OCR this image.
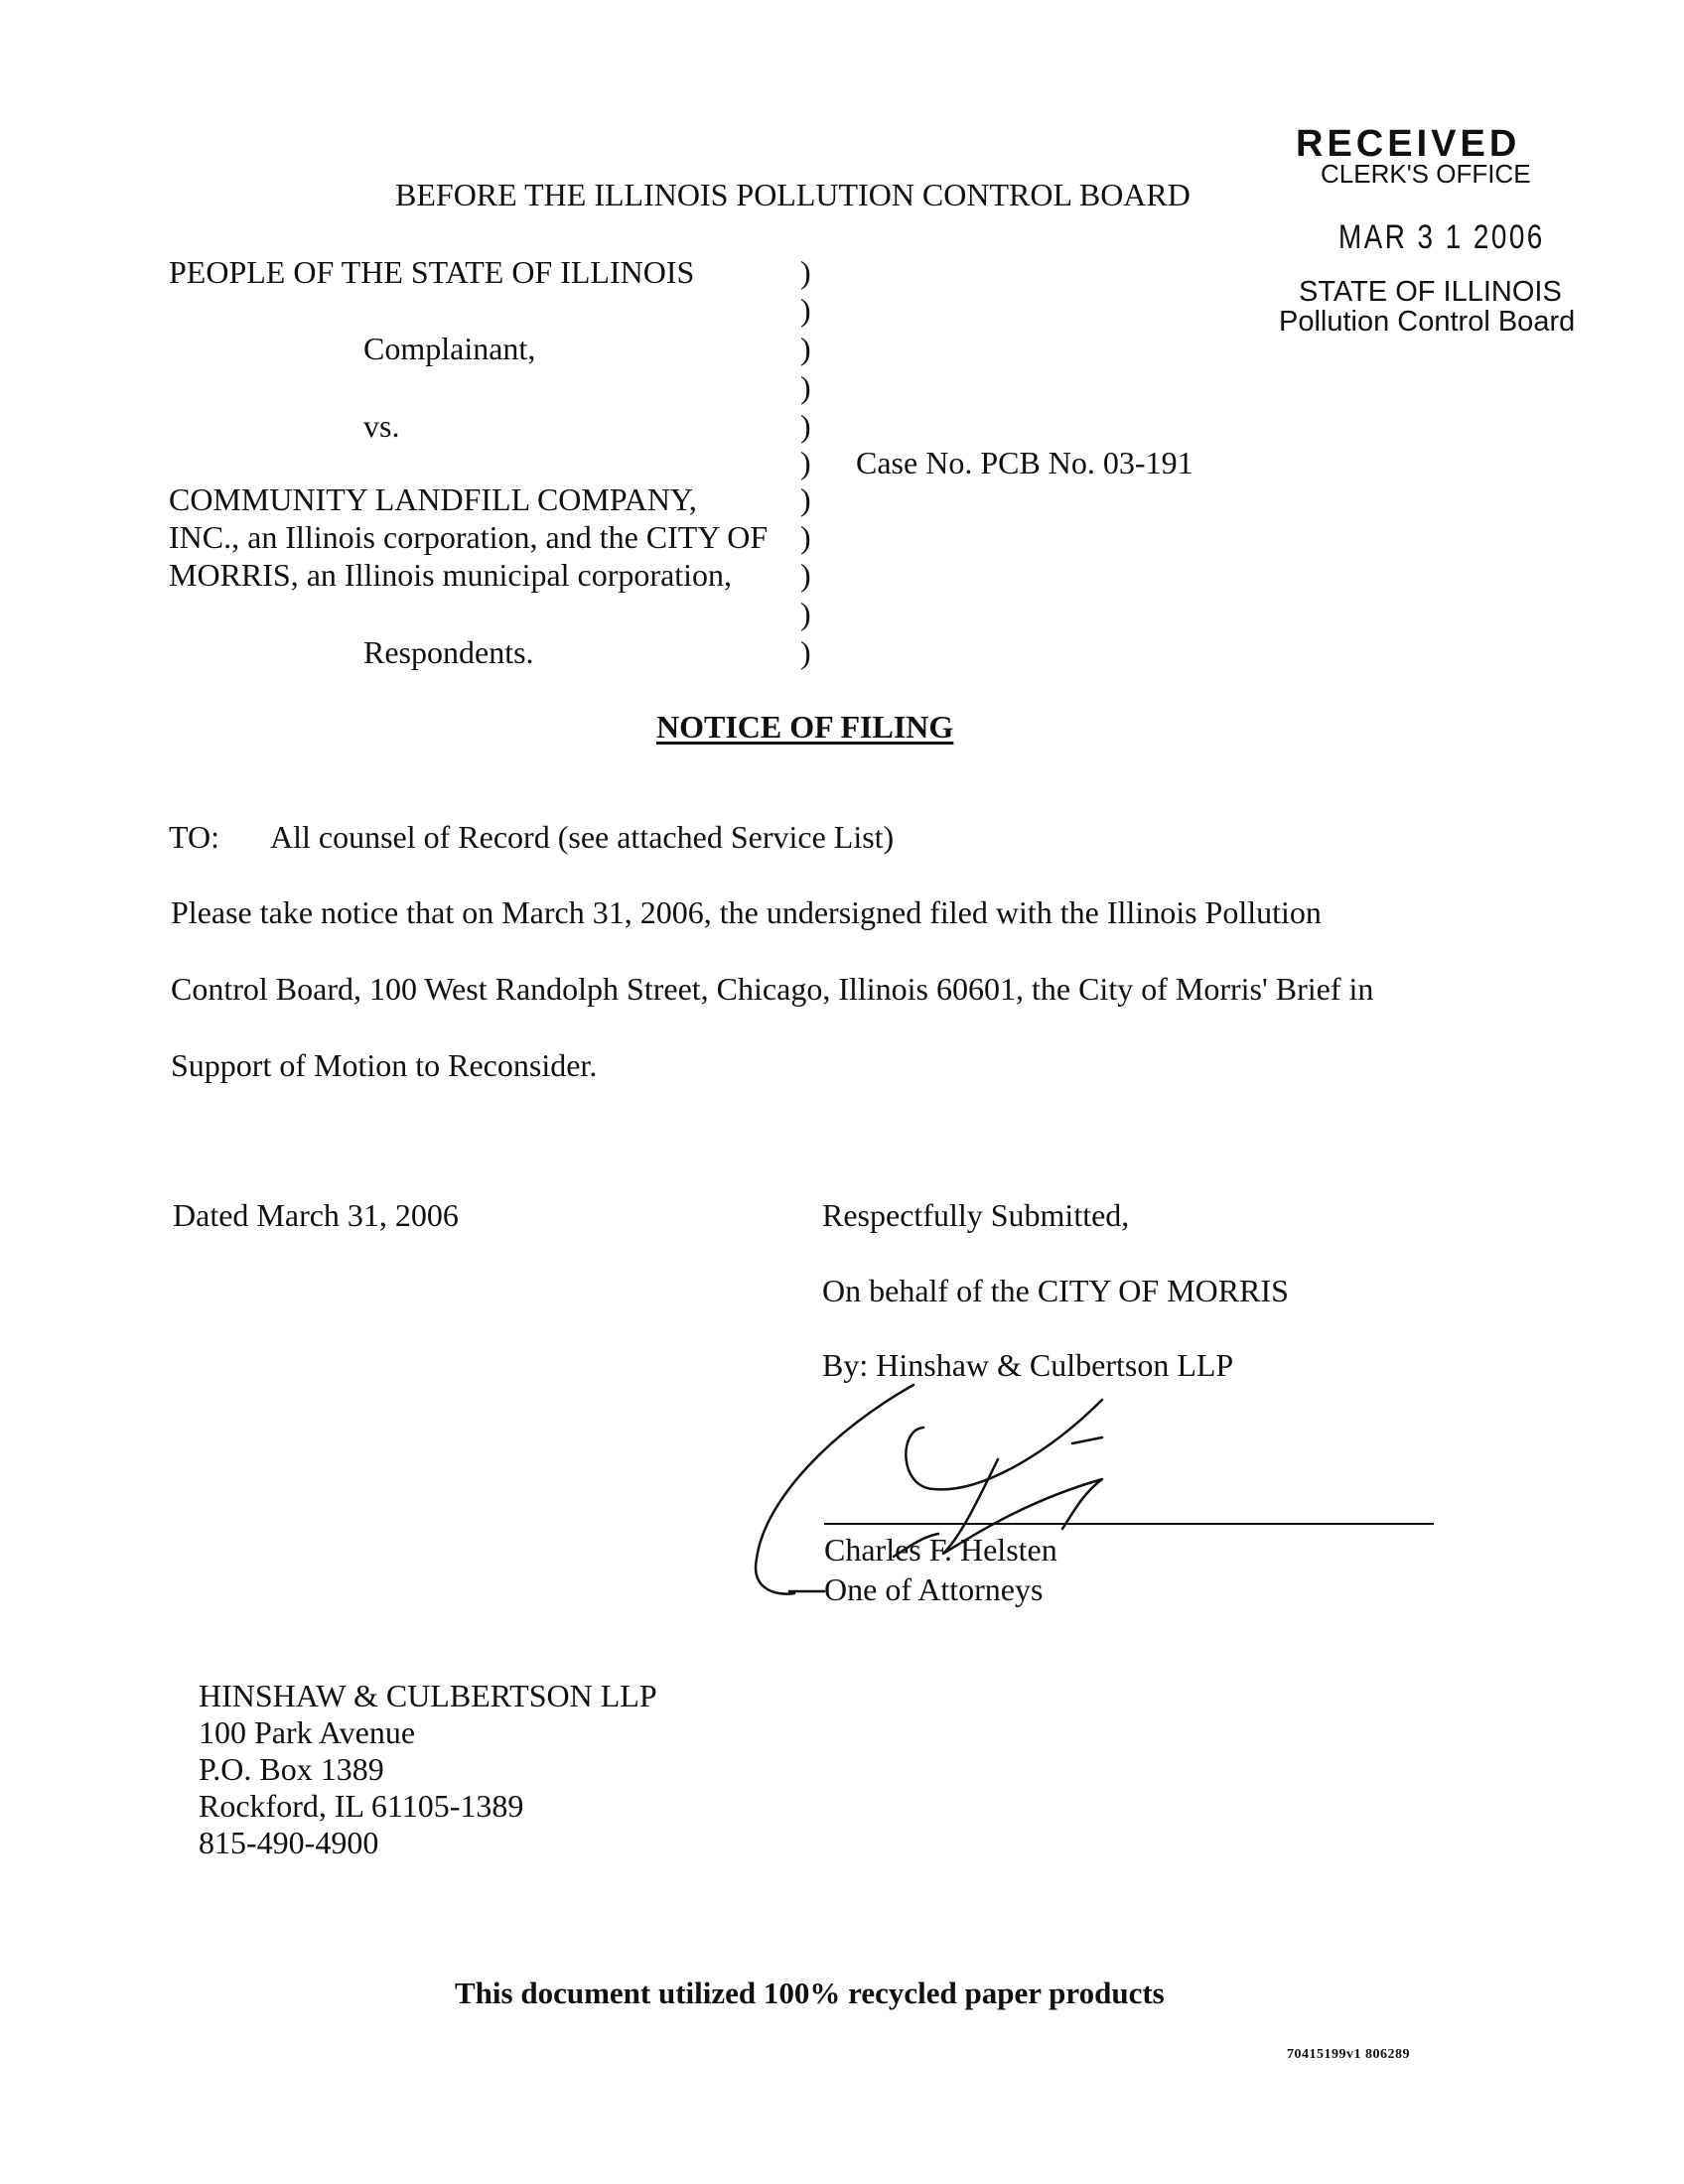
RECEIVED
CLERK'S OFFICE
MAR 3 1 2006
STATE OF ILLINOIS
Pollution Control Board
BEFORE THE ILLINOIS POLLUTION CONTROL BOARD
PEOPLE OF THE STATE OF ILLINOIS
Complainant,
vs.
COMMUNITY LANDFILL COMPANY,
INC., an Illinois corporation, and the CITY OF
MORRIS, an Illinois municipal corporation,
Respondents.
)
)
)
)
)
)
)
)
)
)
)
Case No. PCB No. 03-191
NOTICE OF FILING
TO: All counsel of Record (see attached Service List)
Please take notice that on March 31, 2006, the undersigned filed with the Illinois Pollution
Control Board, 100 West Randolph Street, Chicago, Illinois 60601, the City of Morris' Brief in
Support of Motion to Reconsider.
Dated March 31, 2006	Respectfully Submitted,
On behalf of the CITY OF MORRIS
By: Hinshaw & Culbertson LLP
Charles F. Helsten
One of Attorneys
HINSHAW & CULBERTSON LLP
100 Park Avenue
P.O. Box 1389
Rockford, IL 61105-1389
815-490-4900
This document utilized 100% recycled paper products
70415199v1 806289
